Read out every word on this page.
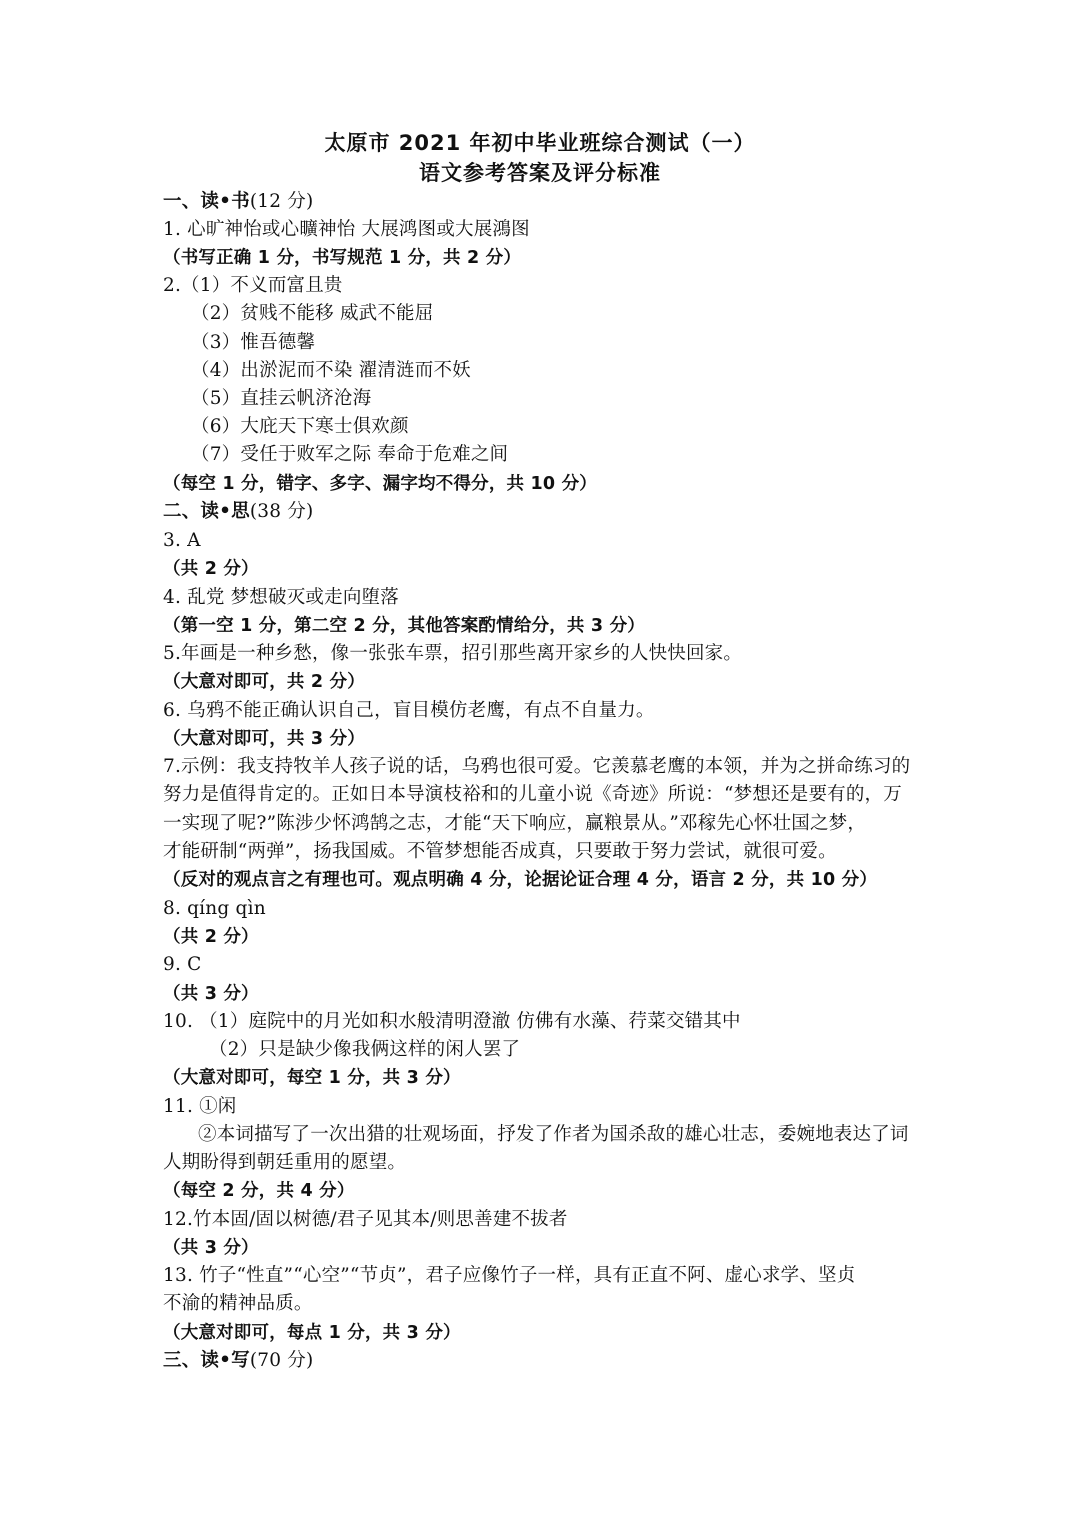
太原市 2021 年初中毕业班综合测试（一）
语文参考答案及评分标准
一、读•书(12 分)
1. 心旷神怡或心曠神怡 大展鸿图或大展鴻图
（书写正确 1 分，书写规范 1 分，共 2 分）
2.（1）不义而富且贵
（2）贫贱不能移 威武不能屈
（3）惟吾德馨
（4）出淤泥而不染 濯清涟而不妖
（5）直挂云帆济沧海
（6）大庇天下寒士俱欢颜
（7）受任于败军之际 奉命于危难之间
（每空 1 分，错字、多字、漏字均不得分，共 10 分）
二、读•思(38 分)
3. A
（共 2 分）
4. 乱党 梦想破灭或走向堕落
（第一空 1 分，第二空 2 分，其他答案酌情给分，共 3 分）
5.年画是一种乡愁，像一张张车票，招引那些离开家乡的人快快回家。
（大意对即可，共 2 分）
6. 乌鸦不能正确认识自己，盲目模仿老鹰，有点不自量力。
（大意对即可，共 3 分）
7.示例：我支持牧羊人孩子说的话，乌鸦也很可爱。它羡慕老鹰的本领，并为之拼命练习的
努力是值得肯定的。正如日本导演枝裕和的儿童小说《奇迹》所说：“梦想还是要有的，万
一实现了呢?”陈涉少怀鸿鹄之志，才能“天下响应，赢粮景从。”邓稼先心怀壮国之梦，
才能研制“两弹”，扬我国威。不管梦想能否成真，只要敢于努力尝试，就很可爱。
（反对的观点言之有理也可。观点明确 4 分，论据论证合理 4 分，语言 2 分，共 10 分）
8. qíng qìn
（共 2 分）
9. C
（共 3 分）
10. （1）庭院中的月光如积水般清明澄澈 仿佛有水藻、荇菜交错其中
（2）只是缺少像我俩这样的闲人罢了
（大意对即可，每空 1 分，共 3 分）
11. ①闲
②本词描写了一次出猎的壮观场面，抒发了作者为国杀敌的雄心壮志，委婉地表达了词
人期盼得到朝廷重用的愿望。
（每空 2 分，共 4 分）
12.竹本固/固以树德/君子见其本/则思善建不拔者
（共 3 分）
13. 竹子“性直”“心空”“节贞”，君子应像竹子一样，具有正直不阿、虚心求学、坚贞
不渝的精神品质。
（大意对即可，每点 1 分，共 3 分）
三、读•写(70 分)
